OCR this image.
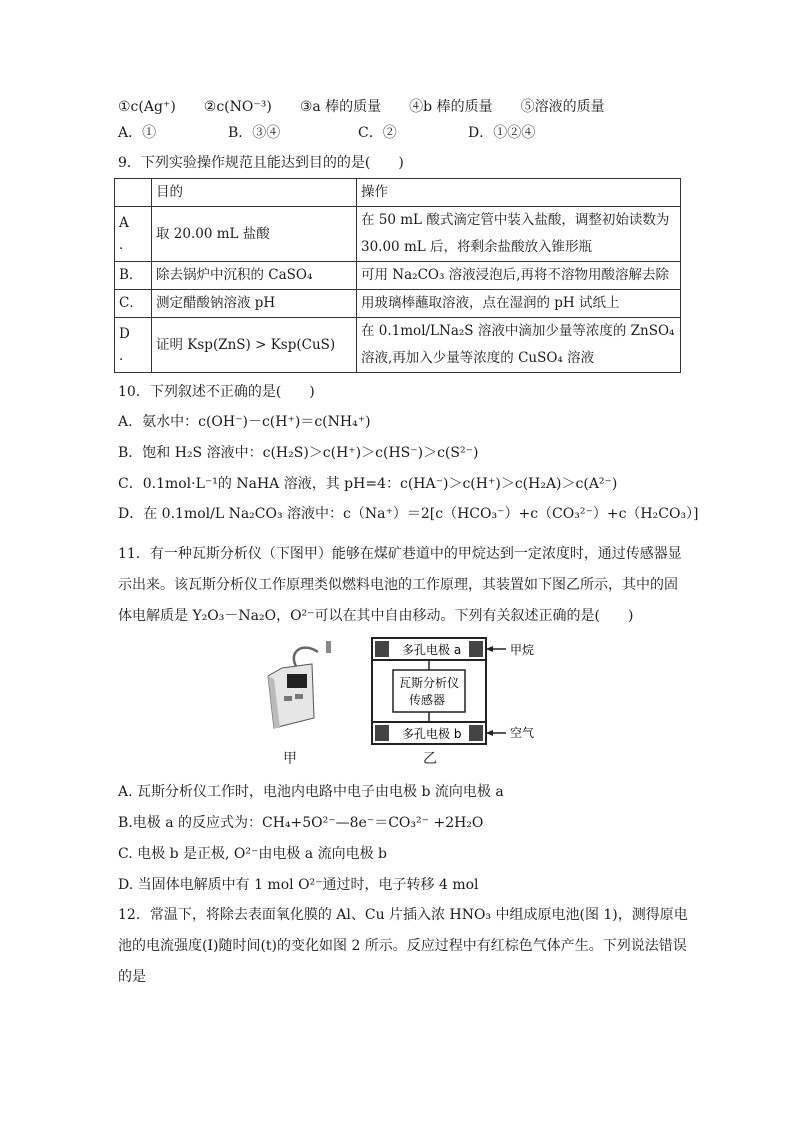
①c(Ag⁺)　　②c(NO⁻³)　　③a 棒的质量　　④b 棒的质量　　⑤溶液的质量
A．①	B．③④	C．②	D．①②④
9．下列实验操作规范且能达到目的的是(　　)
	目的	操作
A
．	取 20.00 mL 盐酸	在 50 mL 酸式滴定管中装入盐酸，调整初始读数为30.00 mL 后，将剩余盐酸放入锥形瓶
B．	除去锅炉中沉积的 CaSO₄	可用 Na₂CO₃ 溶液浸泡后,再将不溶物用酸溶解去除
C．	测定醋酸钠溶液 pH	用玻璃棒蘸取溶液，点在湿润的 pH 试纸上
D
．	证明 Ksp(ZnS) > Ksp(CuS)	在 0.1mol/LNa₂S 溶液中滴加少量等浓度的 ZnSO₄ 溶液,再加入少量等浓度的 CuSO₄ 溶液
10．下列叙述不正确的是(　　)
A．氨水中：c(OH⁻)－c(H⁺)＝c(NH₄⁺)
B．饱和 H₂S 溶液中：c(H₂S)＞c(H⁺)＞c(HS⁻)＞c(S²⁻)
C．0.1mol·L⁻¹的 NaHA 溶液，其 pH=4：c(HA⁻)＞c(H⁺)＞c(H₂A)＞c(A²⁻)
D．在 0.1mol/L Na₂CO₃ 溶液中：c（Na⁺）＝2[c（HCO₃⁻）+c（CO₃²⁻）+c（H₂CO₃）]
11．有一种瓦斯分析仪（下图甲）能够在煤矿巷道中的甲烷达到一定浓度时，通过传感器显
示出来。该瓦斯分析仪工作原理类似燃料电池的工作原理，其装置如下图乙所示，其中的固
体电解质是 Y₂O₃－Na₂O，O²⁻可以在其中自由移动。下列有关叙述正确的是(　　)
多孔电极 a
多孔电极 b
瓦斯分析仪
传感器
甲烷
空气
甲	乙
A. 瓦斯分析仪工作时，电池内电路中电子由电极 b 流向电极 a
B.电极 a 的反应式为：CH₄+5O²⁻—8e⁻＝CO₃²⁻ +2H₂O
C. 电极 b 是正极, O²⁻由电极 a 流向电极 b
D. 当固体电解质中有 1 mol O²⁻通过时，电子转移 4 mol
12．常温下，将除去表面氧化膜的 Al、Cu 片插入浓 HNO₃ 中组成原电池(图 1)，测得原电
池的电流强度(I)随时间(t)的变化如图 2 所示。反应过程中有红棕色气体产生。下列说法错误
的是
